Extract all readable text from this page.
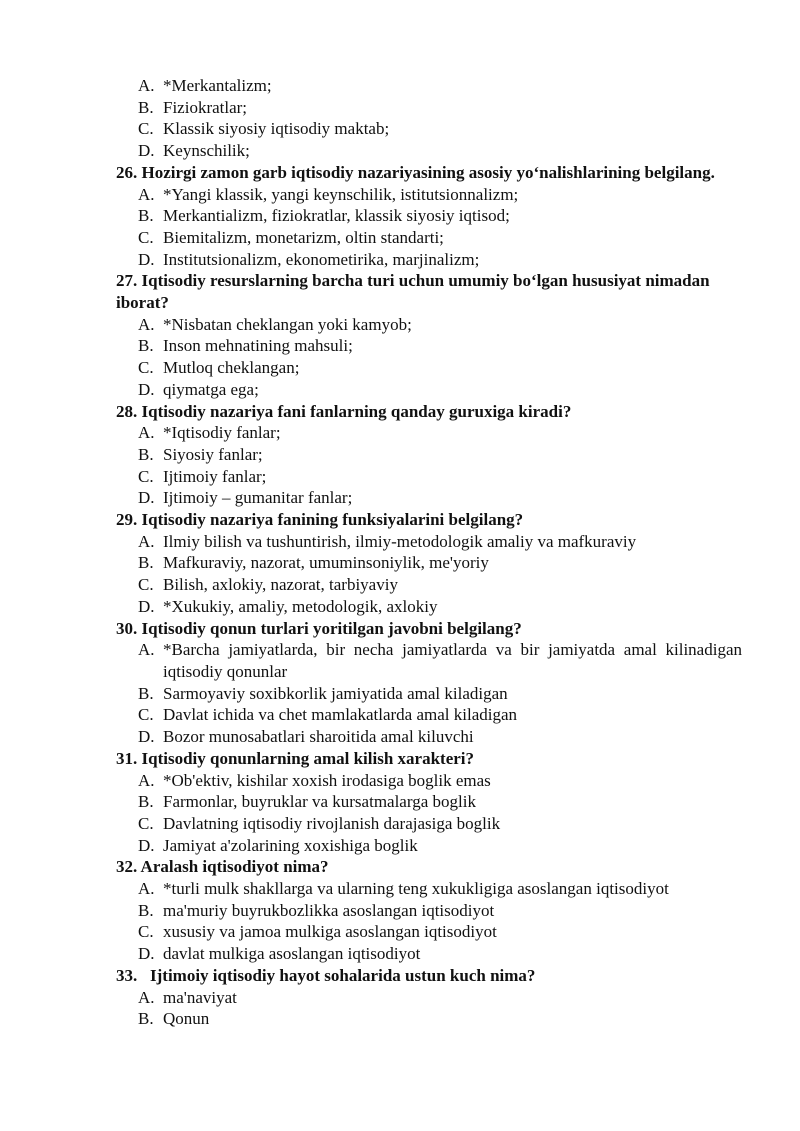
A. *Merkantalizm;
B. Fiziokratlar;
C. Klassik siyosiy iqtisodiy maktab;
D. Keynschilik;
26. Hozirgi zamon garb iqtisodiy nazariyasining asosiy yo‘nalishlarining belgilang.
A. *Yangi klassik, yangi keynschilik, istitutsionnalizm;
B. Merkantializm, fiziokratlar, klassik siyosiy iqtisod;
C. Biemitalizm, monetarizm, oltin standarti;
D. Institutsionalizm, ekonometirika, marjinalizm;
27. Iqtisodiy resurslarning barcha turi uchun umumiy bo‘lgan hususiyat nimadan iborat?
A. *Nisbatan cheklangan yoki kamyob;
B. Inson mehnatining mahsuli;
C. Mutloq cheklangan;
D. qiymatga ega;
28. Iqtisodiy nazariya fani fanlarning qanday guruxiga kiradi?
A. *Iqtisodiy fanlar;
B. Siyosiy fanlar;
C. Ijtimoiy fanlar;
D. Ijtimoiy – gumanitar fanlar;
29. Iqtisodiy nazariya fanining funksiyalarini belgilang?
A. Ilmiy bilish va tushuntirish, ilmiy-metodologik amaliy va mafkuraviy
B. Mafkuraviy, nazorat, umuminsoniylik, me'yoriy
C. Bilish, axlokiy, nazorat, tarbiyaviy
D. *Xukukiy, amaliy, metodologik, axlokiy
30. Iqtisodiy qonun turlari yoritilgan javobni belgilang?
A. *Barcha jamiyatlarda, bir necha jamiyatlarda va bir jamiyatda amal kilinadigan iqtisodiy qonunlar
B. Sarmoyaviy soxibkorlik jamiyatida amal kiladigan
C. Davlat ichida va chet mamlakatlarda amal kiladigan
D. Bozor munosabatlari sharoitida amal kiluvchi
31. Iqtisodiy qonunlarning amal kilish xarakteri?
A. *Ob'ektiv, kishilar xoxish irodasiga boglik emas
B. Farmonlar, buyruklar va kursatmalarga boglik
C. Davlatning iqtisodiy rivojlanish darajasiga boglik
D. Jamiyat a'zolarining xoxishiga boglik
32. Aralash iqtisodiyot nima?
A. *turli mulk shakllarga va ularning teng xukukligiga asoslangan iqtisodiyot
B. ma'muriy buyrukbozlikka asoslangan iqtisodiyot
C. xususiy va jamoa mulkiga asoslangan iqtisodiyot
D. davlat mulkiga asoslangan iqtisodiyot
33.   Ijtimoiy iqtisodiy hayot sohalarida ustun kuch nima?
A. ma'naviyat
B. Qonun
